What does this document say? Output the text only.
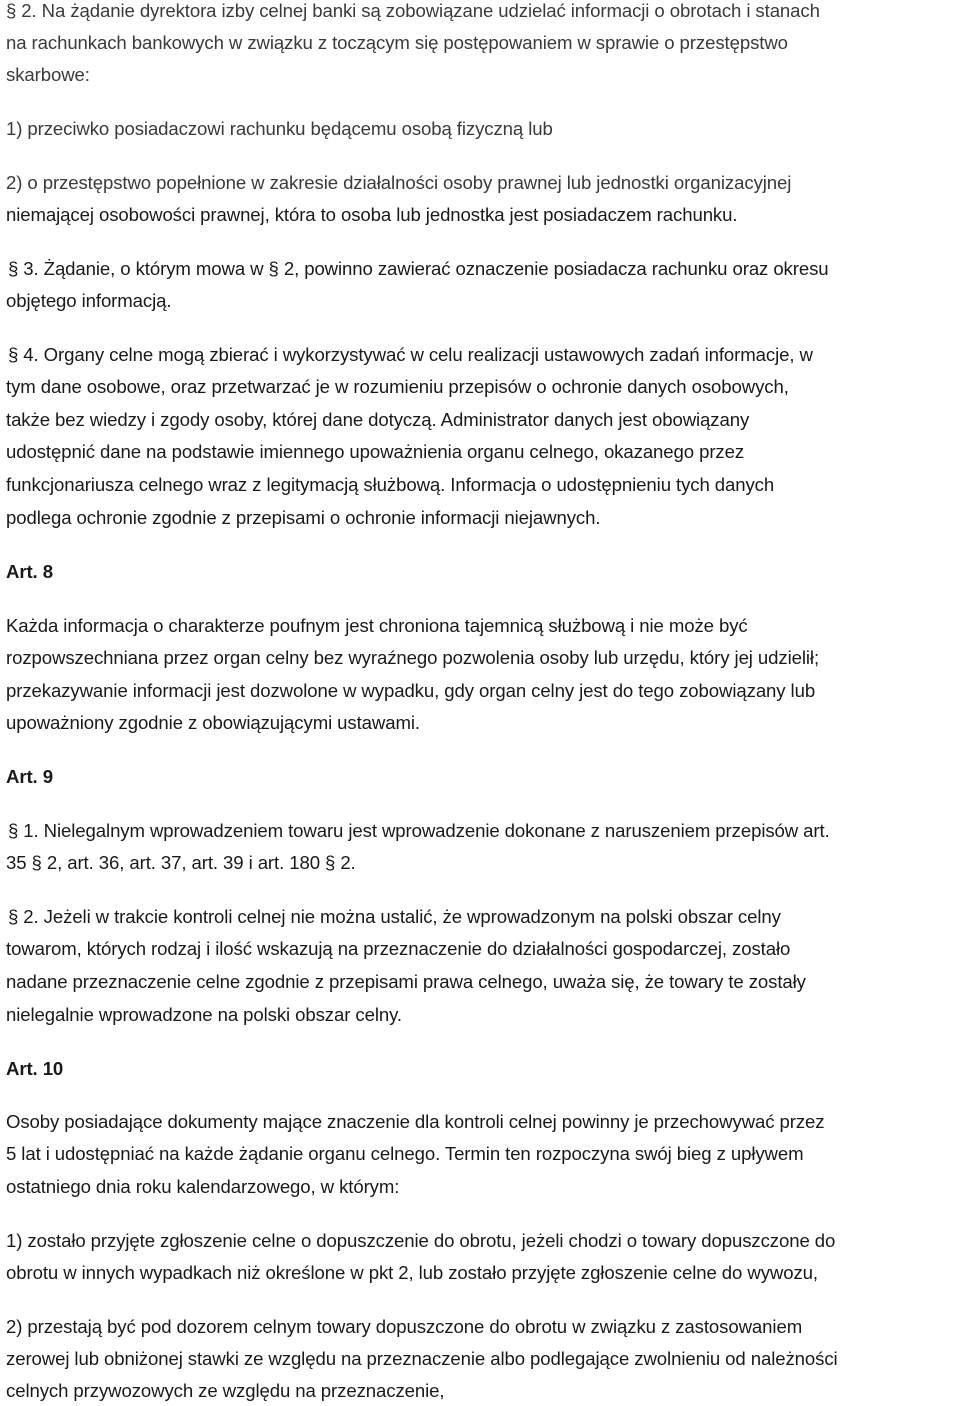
§ 2. Na żądanie dyrektora izby celnej banki są zobowiązane udzielać informacji o obrotach i stanach
na rachunkach bankowych w związku z toczącym się postępowaniem w sprawie o przestępstwo
skarbowe:
1) przeciwko posiadaczowi rachunku będącemu osobą fizyczną lub
2) o przestępstwo popełnione w zakresie działalności osoby prawnej lub jednostki organizacyjnej
niemającej osobowości prawnej, która to osoba lub jednostka jest posiadaczem rachunku.
§ 3. Żądanie, o którym mowa w § 2, powinno zawierać oznaczenie posiadacza rachunku oraz okresu
objętego informacją.
§ 4. Organy celne mogą zbierać i wykorzystywać w celu realizacji ustawowych zadań informacje, w
tym dane osobowe, oraz przetwarzać je w rozumieniu przepisów o ochronie danych osobowych,
także bez wiedzy i zgody osoby, której dane dotyczą. Administrator danych jest obowiązany
udostępnić dane na podstawie imiennego upoważnienia organu celnego, okazanego przez
funkcjonariusza celnego wraz z legitymacją służbową. Informacja o udostępnieniu tych danych
podlega ochronie zgodnie z przepisami o ochronie informacji niejawnych.
Art. 8
Każda informacja o charakterze poufnym jest chroniona tajemnicą służbową i nie może być
rozpowszechniana przez organ celny bez wyraźnego pozwolenia osoby lub urzędu, który jej udzielił;
przekazywanie informacji jest dozwolone w wypadku, gdy organ celny jest do tego zobowiązany lub
upoważniony zgodnie z obowiązującymi ustawami.
Art. 9
§ 1. Nielegalnym wprowadzeniem towaru jest wprowadzenie dokonane z naruszeniem przepisów art.
35 § 2, art. 36, art. 37, art. 39 i art. 180 § 2.
§ 2. Jeżeli w trakcie kontroli celnej nie można ustalić, że wprowadzonym na polski obszar celny
towarom, których rodzaj i ilość wskazują na przeznaczenie do działalności gospodarczej, zostało
nadane przeznaczenie celne zgodnie z przepisami prawa celnego, uważa się, że towary te zostały
nielegalnie wprowadzone na polski obszar celny.
Art. 10
Osoby posiadające dokumenty mające znaczenie dla kontroli celnej powinny je przechowywać przez
5 lat i udostępniać na każde żądanie organu celnego. Termin ten rozpoczyna swój bieg z upływem
ostatniego dnia roku kalendarzowego, w którym:
1) zostało przyjęte zgłoszenie celne o dopuszczenie do obrotu, jeżeli chodzi o towary dopuszczone do
obrotu w innych wypadkach niż określone w pkt 2, lub zostało przyjęte zgłoszenie celne do wywozu,
2) przestają być pod dozorem celnym towary dopuszczone do obrotu w związku z zastosowaniem
zerowej lub obniżonej stawki ze względu na przeznaczenie albo podlegające zwolnieniu od należności
celnych przywozowych ze względu na przeznaczenie,
